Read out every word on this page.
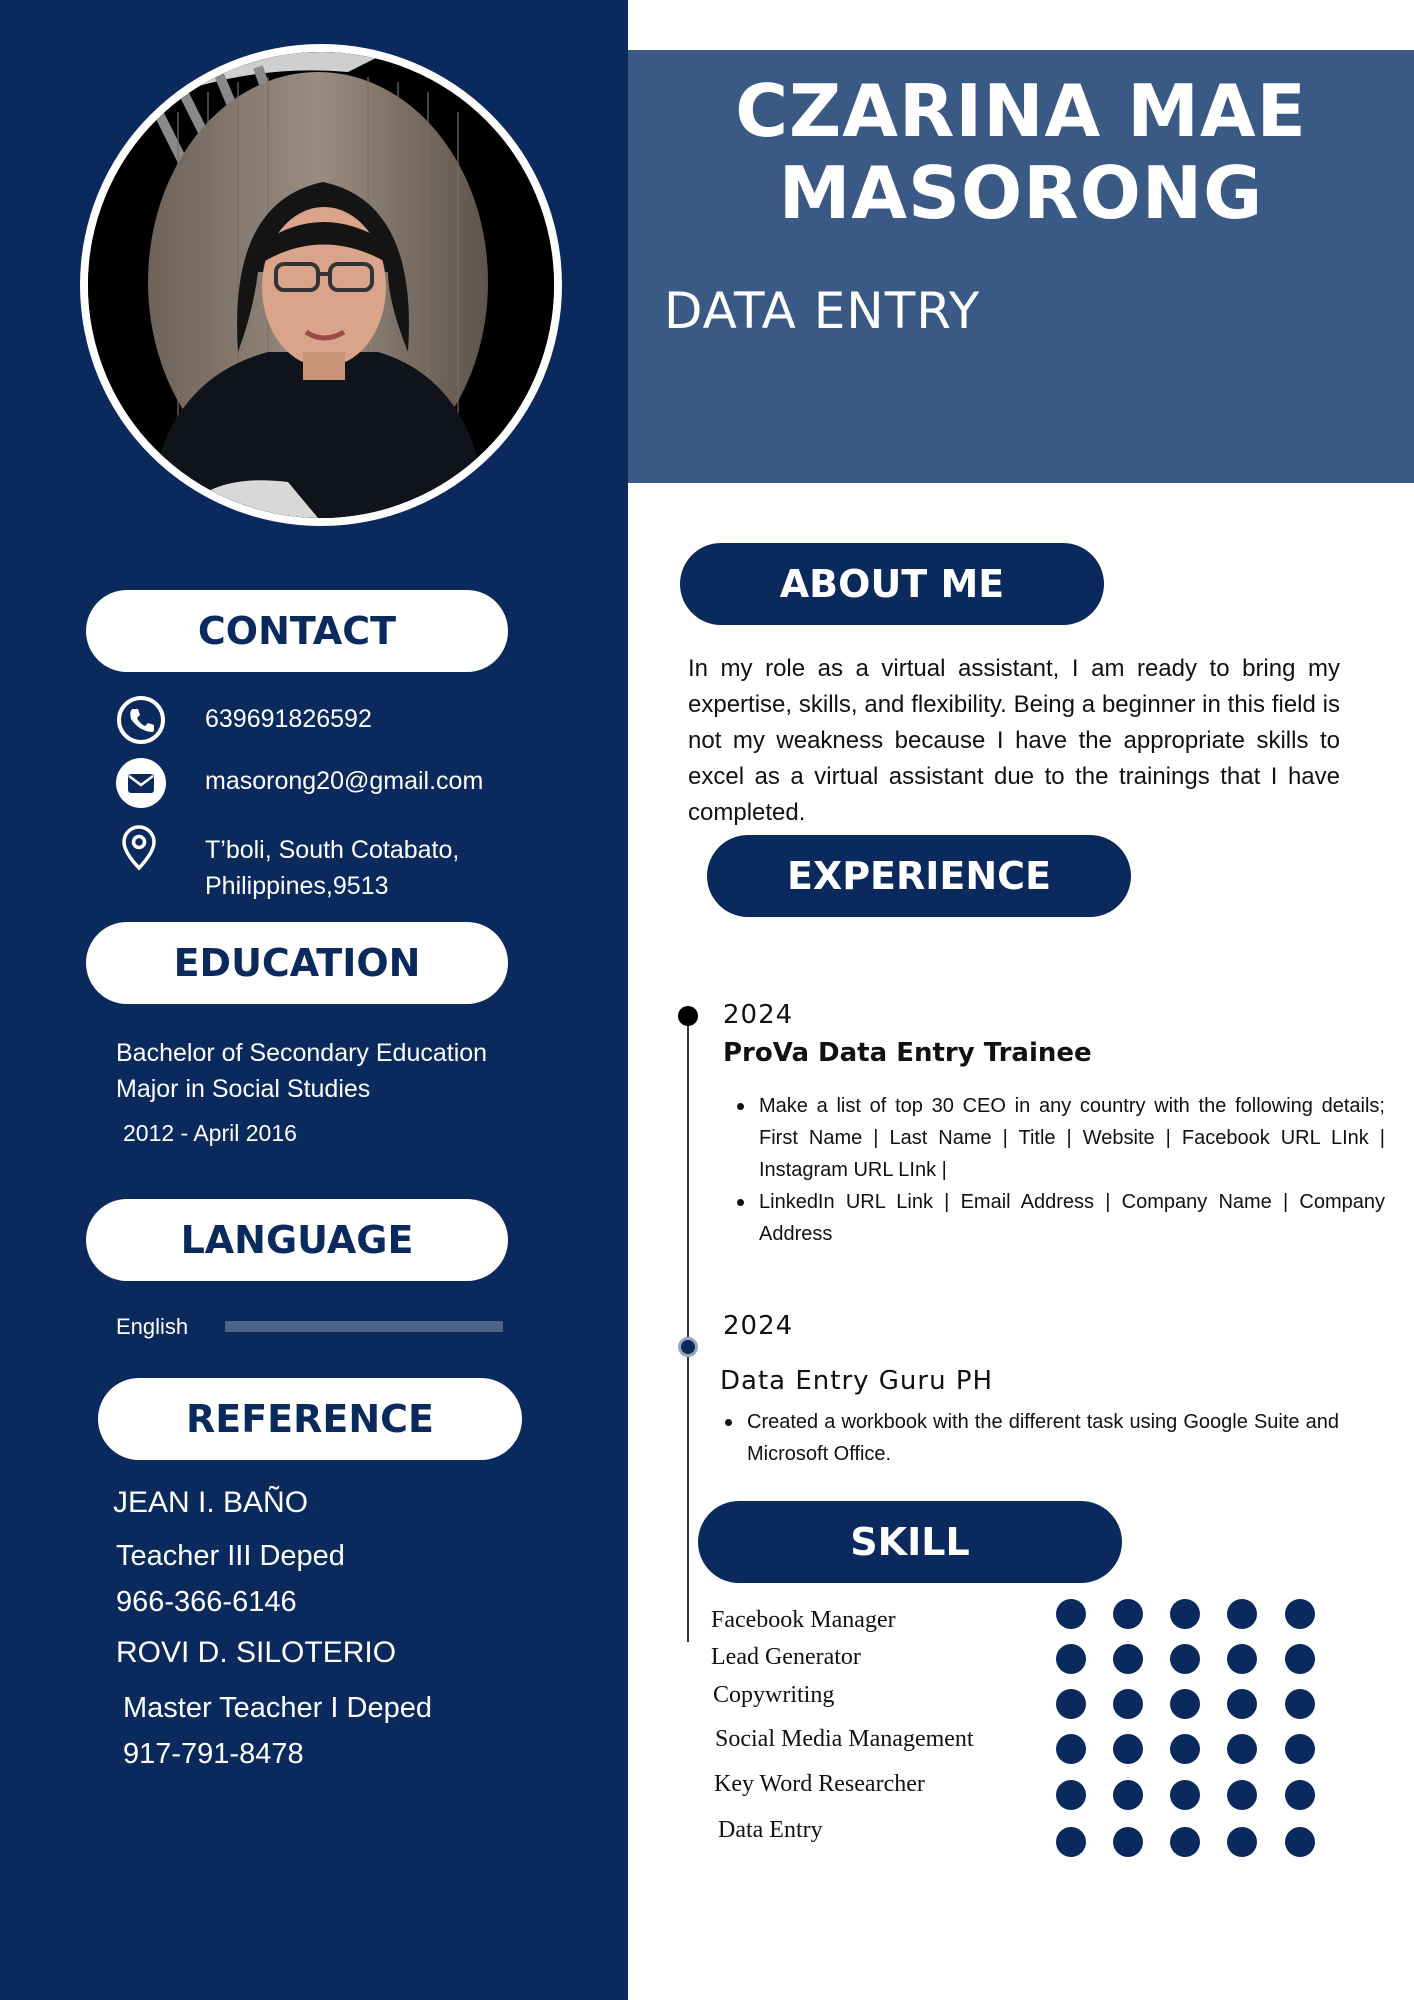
CZARINA MAE
MASORONG
DATA ENTRY
CONTACT
639691826592
masorong20@gmail.com
T’boli, South Cotabato,
Philippines,9513
EDUCATION
Bachelor of Secondary Education
Major in Social Studies
2012 - April 2016
LANGUAGE
English
REFERENCE
JEAN I. BAÑO
Teacher III Deped
966-366-6146
ROVI D. SILOTERIO
Master Teacher I Deped
917-791-8478
ABOUT ME
In my role as a virtual assistant, I am ready to bring my expertise, skills, and flexibility. Being a beginner in this field is not my weakness because I have the appropriate skills to excel as a virtual assistant due to the trainings that I have completed.
EXPERIENCE
2024
ProVa Data Entry Trainee
Make a list of top 30 CEO in any country with the following details; First Name | Last Name | Title | Website | Facebook URL LInk | Instagram URL LInk |
LinkedIn URL Link | Email Address | Company Name | Company Address
2024
Data Entry Guru PH
Created a workbook with the different task using Google Suite and Microsoft Office.
SKILL
Facebook Manager
Lead Generator
Copywriting
Social Media Management
Key Word Researcher
Data Entry
